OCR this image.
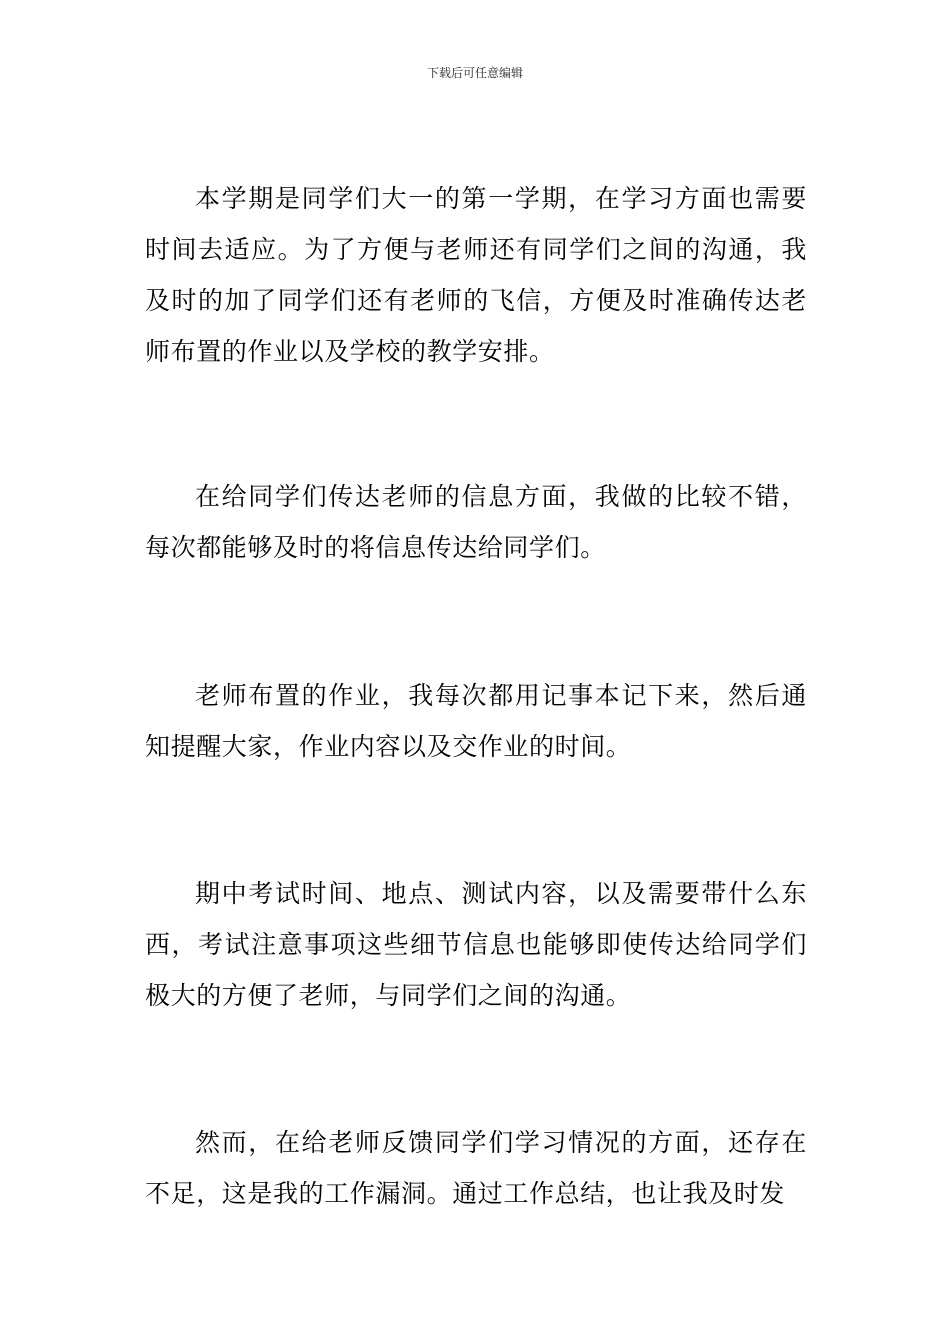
下载后可任意编辑

本学期是同学们大一的第一学期，在学习方面也需要时间去适应。为了方便与老师还有同学们之间的沟通，我及时的加了同学们还有老师的飞信，方便及时准确传达老师布置的作业以及学校的教学安排。

在给同学们传达老师的信息方面，我做的比较不错，每次都能够及时的将信息传达给同学们。

老师布置的作业，我每次都用记事本记下来，然后通知提醒大家，作业内容以及交作业的时间。

期中考试时间、地点、测试内容，以及需要带什么东西，考试注意事项这些细节信息也能够即使传达给同学们极大的方便了老师，与同学们之间的沟通。

然而，在给老师反馈同学们学习情况的方面，还存在不足，这是我的工作漏洞。通过工作总结，也让我及时发
